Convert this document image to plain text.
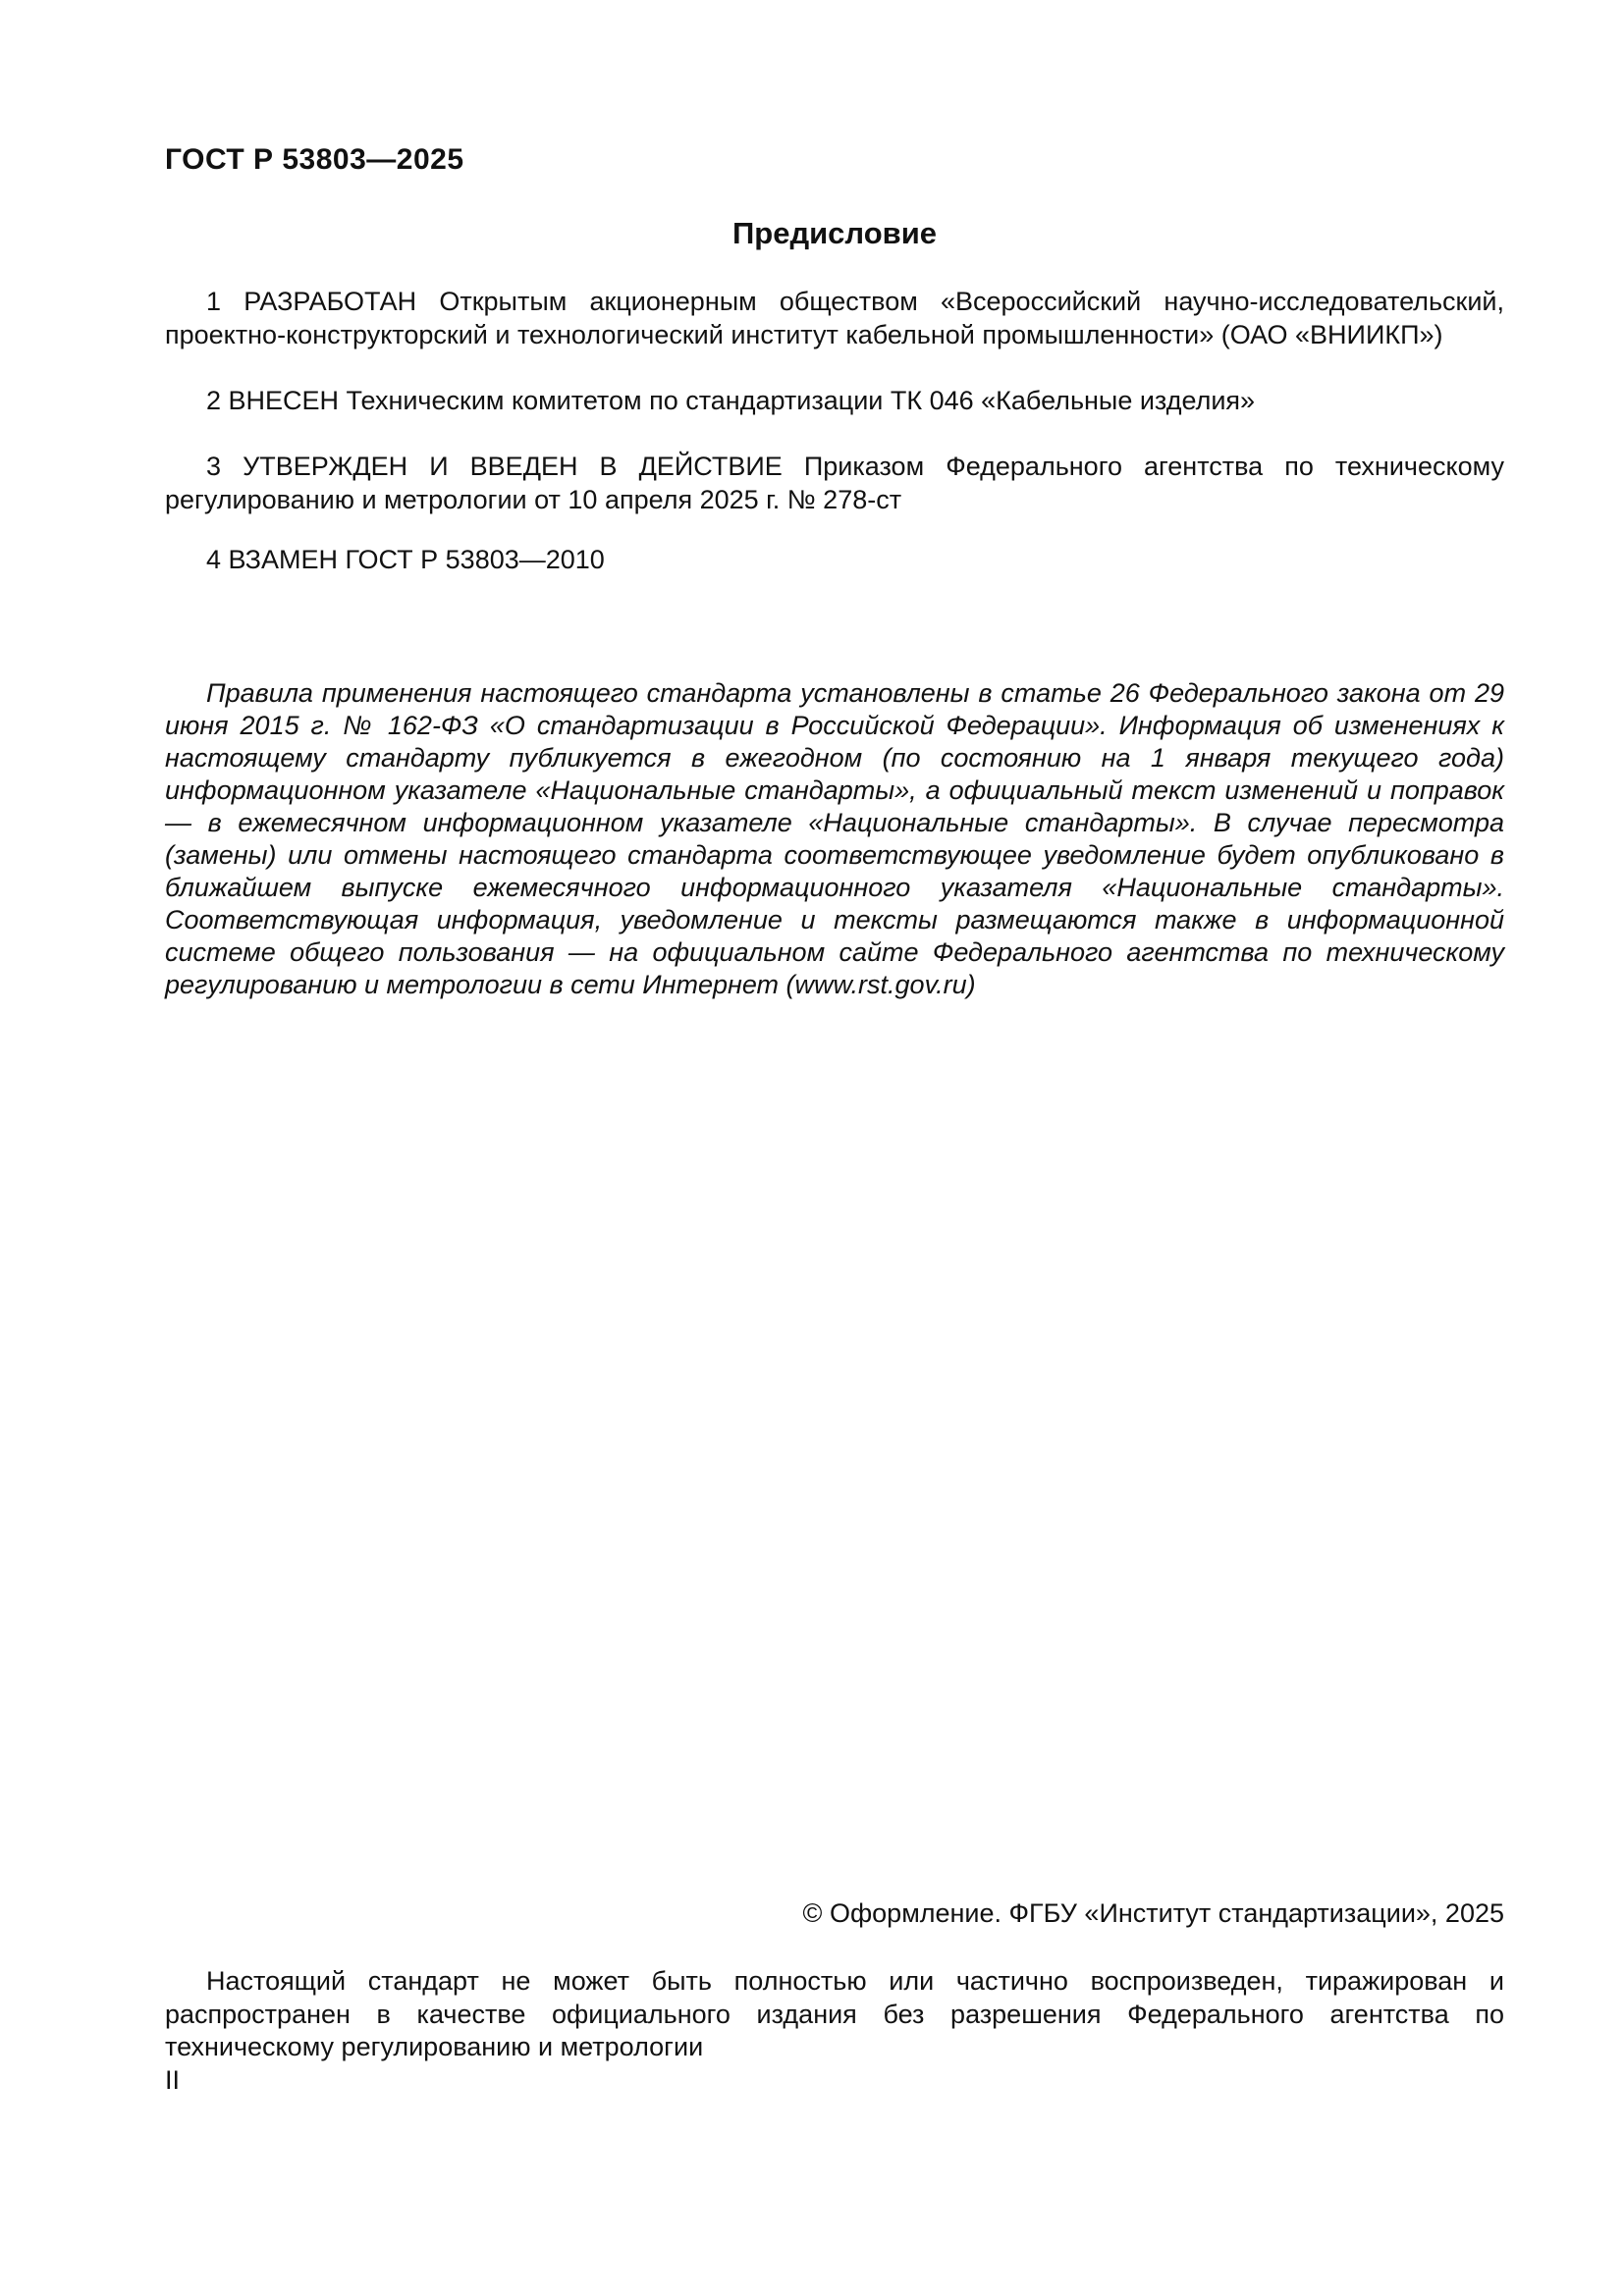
ГОСТ Р 53803—2025
Предисловие
1 РАЗРАБОТАН Открытым акционерным обществом «Всероссийский научно-исследовательский, проектно-конструкторский и технологический институт кабельной промышленности» (ОАО «ВНИИКП»)
2 ВНЕСЕН Техническим комитетом по стандартизации ТК 046 «Кабельные изделия»
3 УТВЕРЖДЕН И ВВЕДЕН В ДЕЙСТВИЕ Приказом Федерального агентства по техническому регулированию и метрологии от 10 апреля 2025 г. № 278-ст
4 ВЗАМЕН ГОСТ Р 53803—2010
Правила применения настоящего стандарта установлены в статье 26 Федерального закона от 29 июня 2015 г. № 162-ФЗ «О стандартизации в Российской Федерации». Информация об изменениях к настоящему стандарту публикуется в ежегодном (по состоянию на 1 января текущего года) информационном указателе «Национальные стандарты», а официальный текст изменений и поправок — в ежемесячном информационном указателе «Национальные стандарты». В случае пересмотра (замены) или отмены настоящего стандарта соответствующее уведомление будет опубликовано в ближайшем выпуске ежемесячного информационного указателя «Национальные стандарты». Соответствующая информация, уведомление и тексты размещаются также в информационной системе общего пользования — на официальном сайте Федерального агентства по техническому регулированию и метрологии в сети Интернет (www.rst.gov.ru)
© Оформление. ФГБУ «Институт стандартизации», 2025
Настоящий стандарт не может быть полностью или частично воспроизведен, тиражирован и распространен в качестве официального издания без разрешения Федерального агентства по техническому регулированию и метрологии
II
